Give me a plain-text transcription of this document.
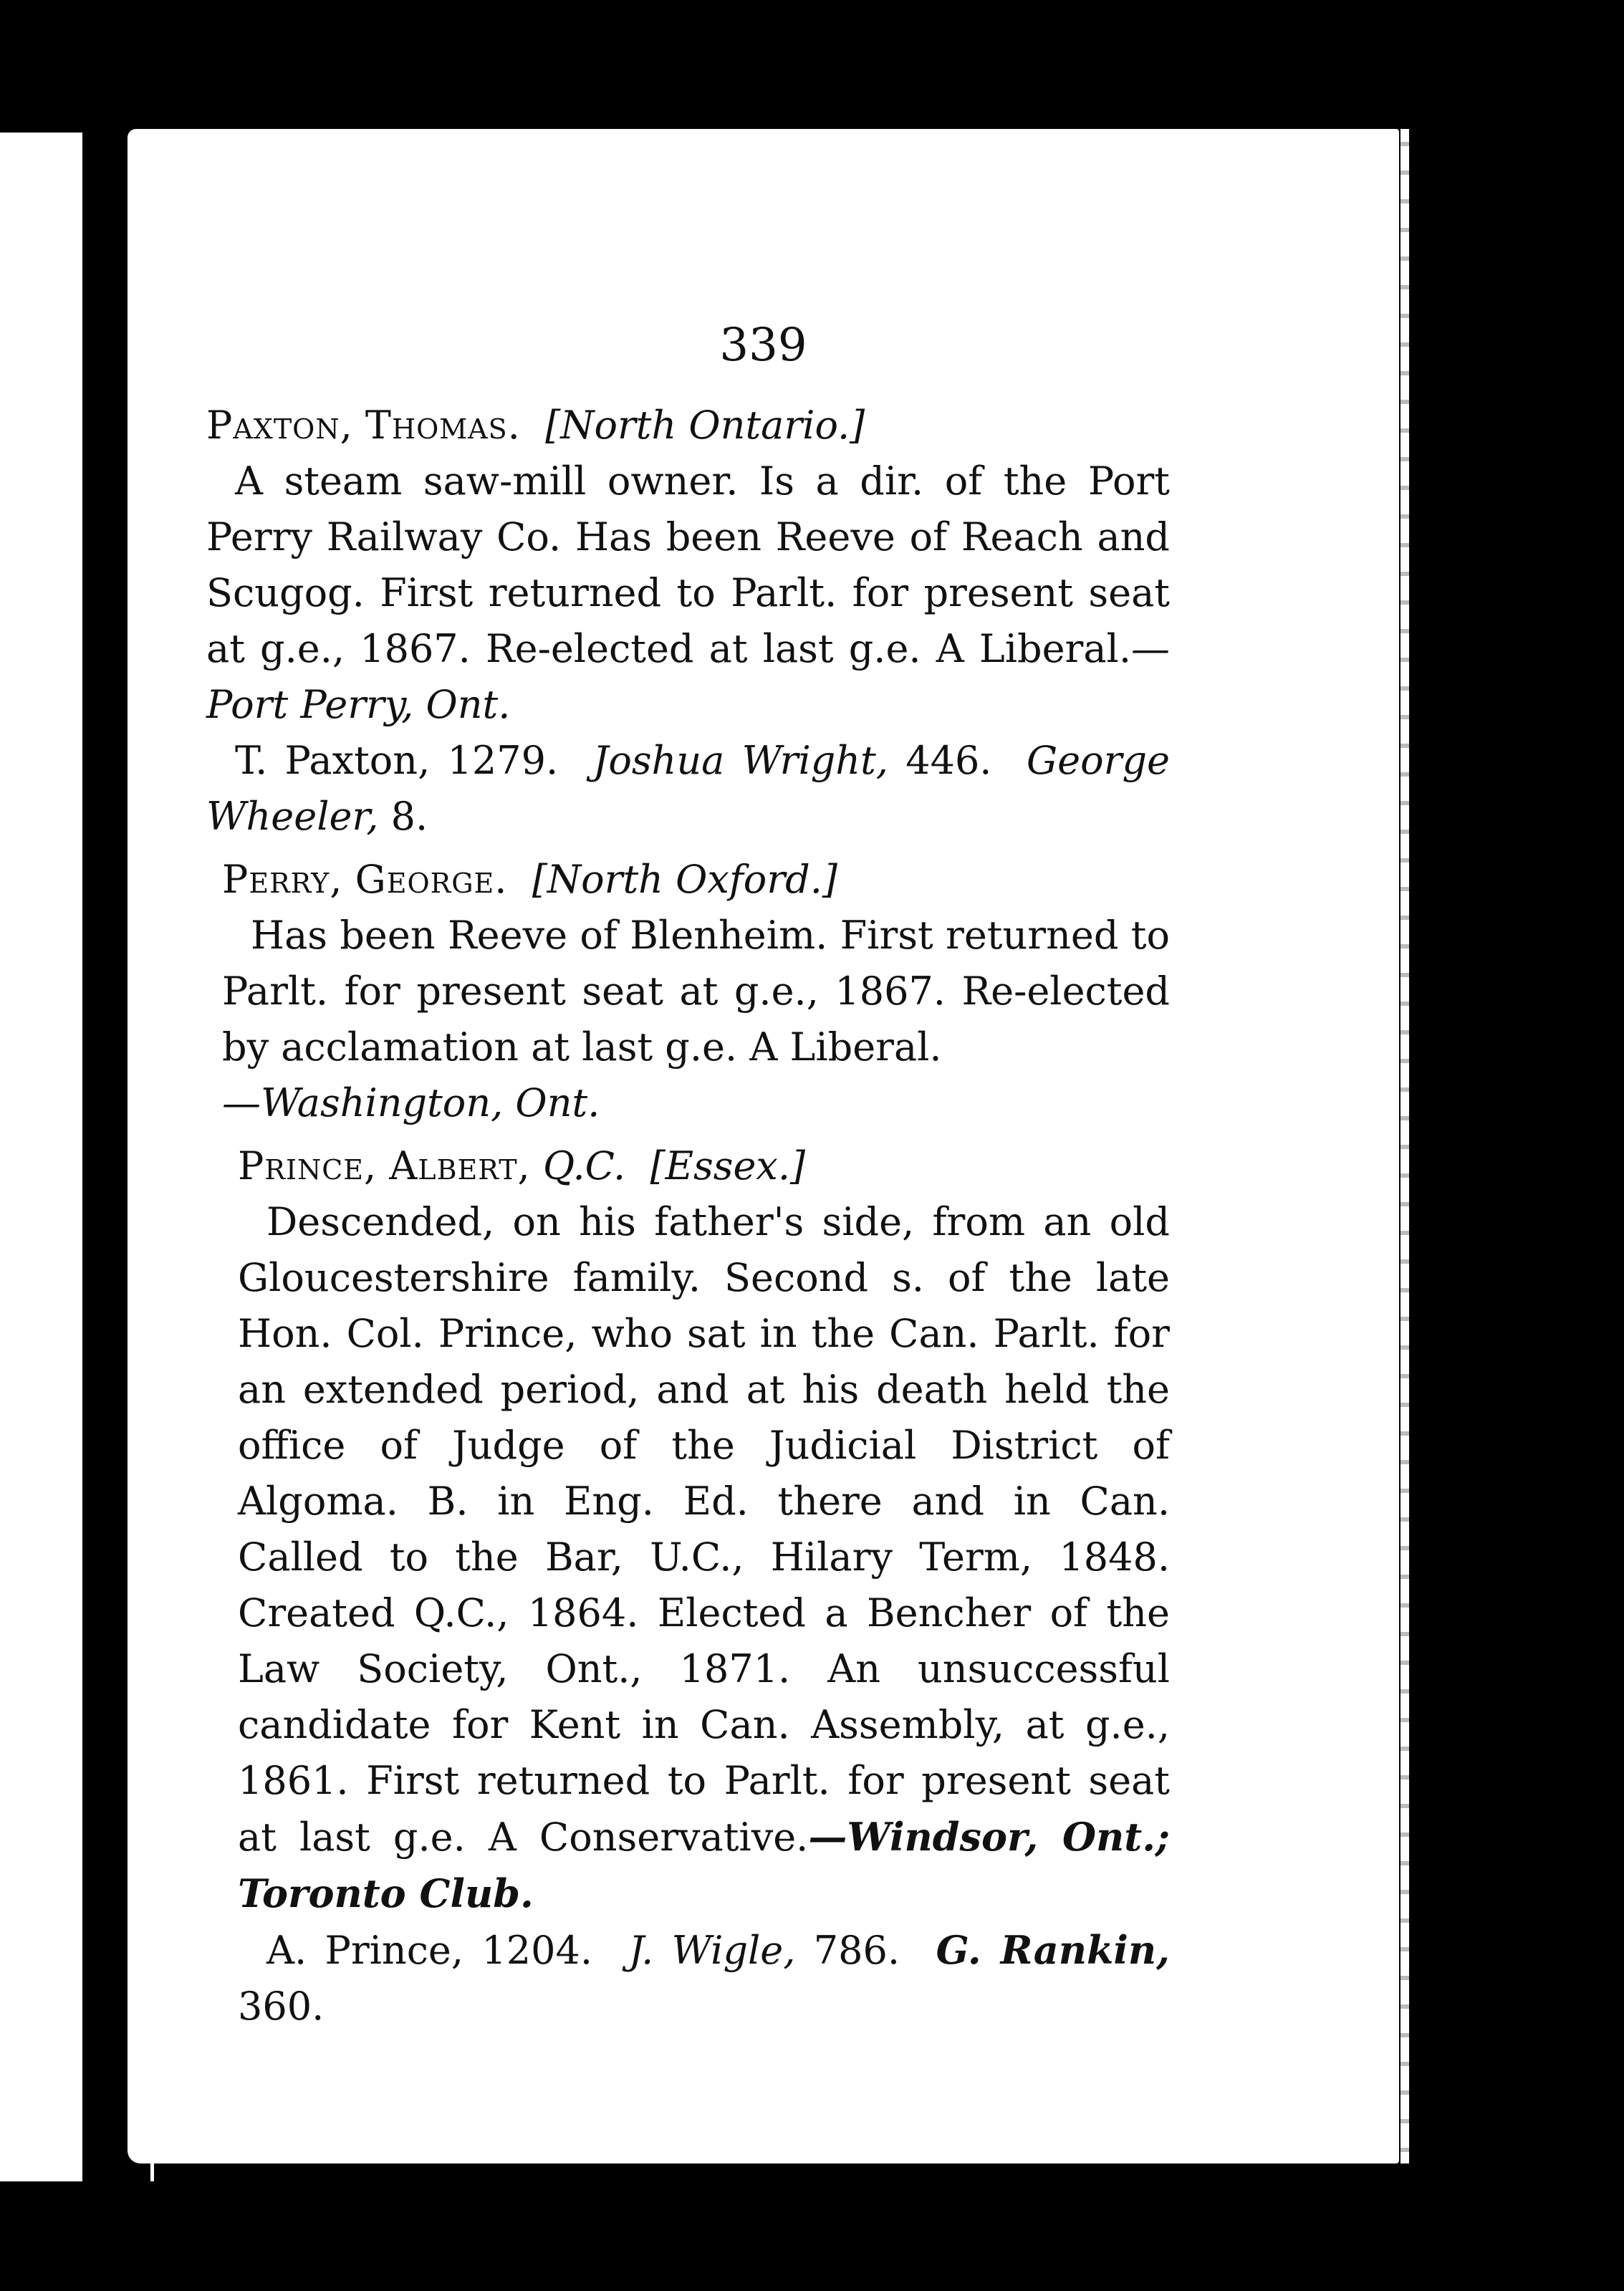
339
Paxton, Thomas. [North Ontario.]
A steam saw-mill owner. Is a dir. of the Port Perry Railway Co. Has been Reeve of Reach and Scugog. First returned to Parlt. for present seat at g.e., 1867. Re-elected at last g.e. A Liberal.—Port Perry, Ont.
T. Paxton, 1279. Joshua Wright, 446. George Wheeler, 8.
Perry, George. [North Oxford.]
Has been Reeve of Blenheim. First returned to Parlt. for present seat at g.e., 1867. Re-elected by acclamation at last g.e. A Liberal.
—Washington, Ont.
Prince, Albert, Q.C. [Essex.]
Descended, on his father's side, from an old Gloucestershire family. Second s. of the late Hon. Col. Prince, who sat in the Can. Parlt. for an extended period, and at his death held the office of Judge of the Judicial District of Algoma. B. in Eng. Ed. there and in Can. Called to the Bar, U.C., Hilary Term, 1848. Created Q.C., 1864. Elected a Bencher of the Law Society, Ont., 1871. An unsuccessful candidate for Kent in Can. Assembly, at g.e., 1861. First returned to Parlt. for present seat at last g.e. A Conservative.—Windsor, Ont.; Toronto Club.
A. Prince, 1204. J. Wigle, 786. G. Rankin, 360.
